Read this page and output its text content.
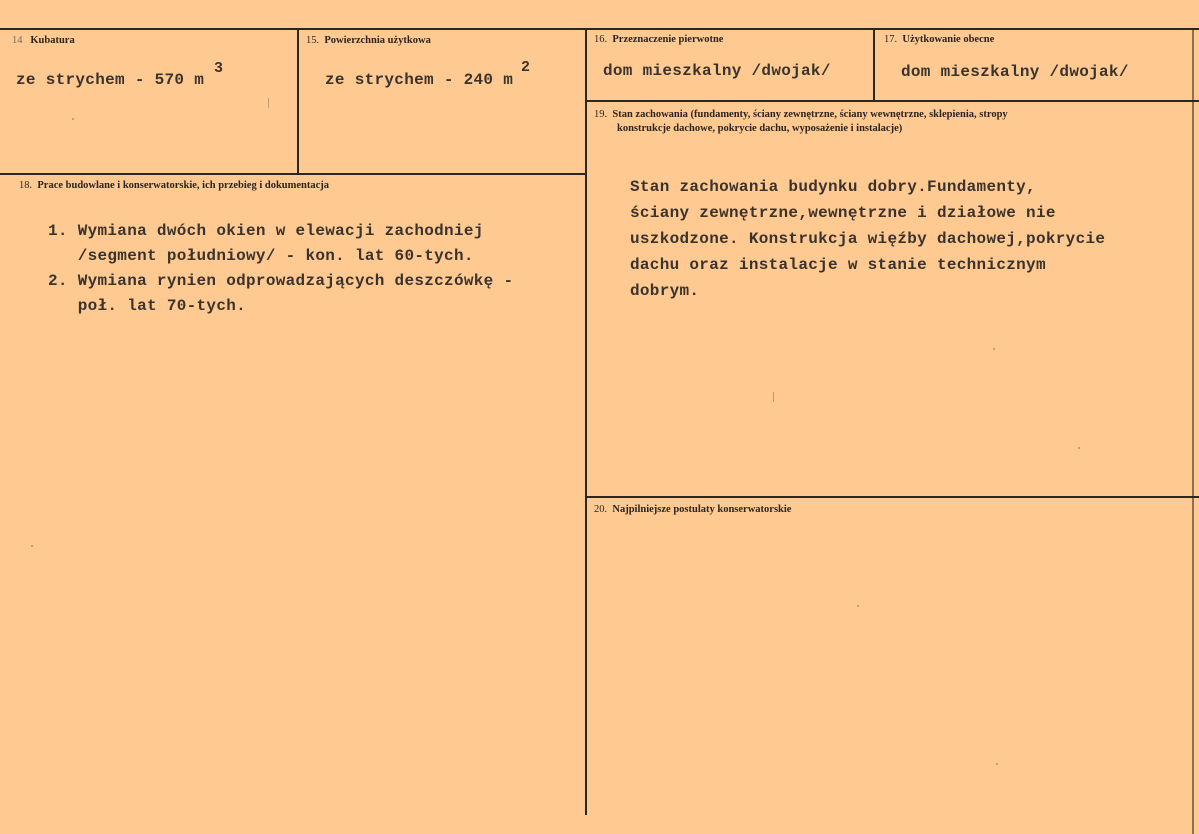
14 Kubatura
ze strychem - 570 m
3
15. Powierzchnia użytkowa
ze strychem - 240 m
2
16. Przeznaczenie pierwotne
dom mieszkalny /dwojak/
17. Użytkowanie obecne
dom mieszkalny /dwojak/
19. Stan zachowania (fundamenty, ściany zewnętrzne, ściany wewnętrzne, sklepienia, stropy
konstrukcje dachowe, pokrycie dachu, wyposażenie i instalacje)
Stan zachowania budynku dobry.Fundamenty,
ściany zewnętrzne,wewnętrzne i działowe nie
uszkodzone. Konstrukcja więźby dachowej,pokrycie
dachu oraz instalacje w stanie technicznym
dobrym.
18. Prace budowlane i konserwatorskie, ich przebieg i dokumentacja
1. Wymiana dwóch okien w elewacji zachodniej
/segment południowy/ - kon. lat 60-tych.
2. Wymiana rynien odprowadzających deszczówkę -
poł. lat 70-tych.
20. Najpilniejsze postulaty konserwatorskie
